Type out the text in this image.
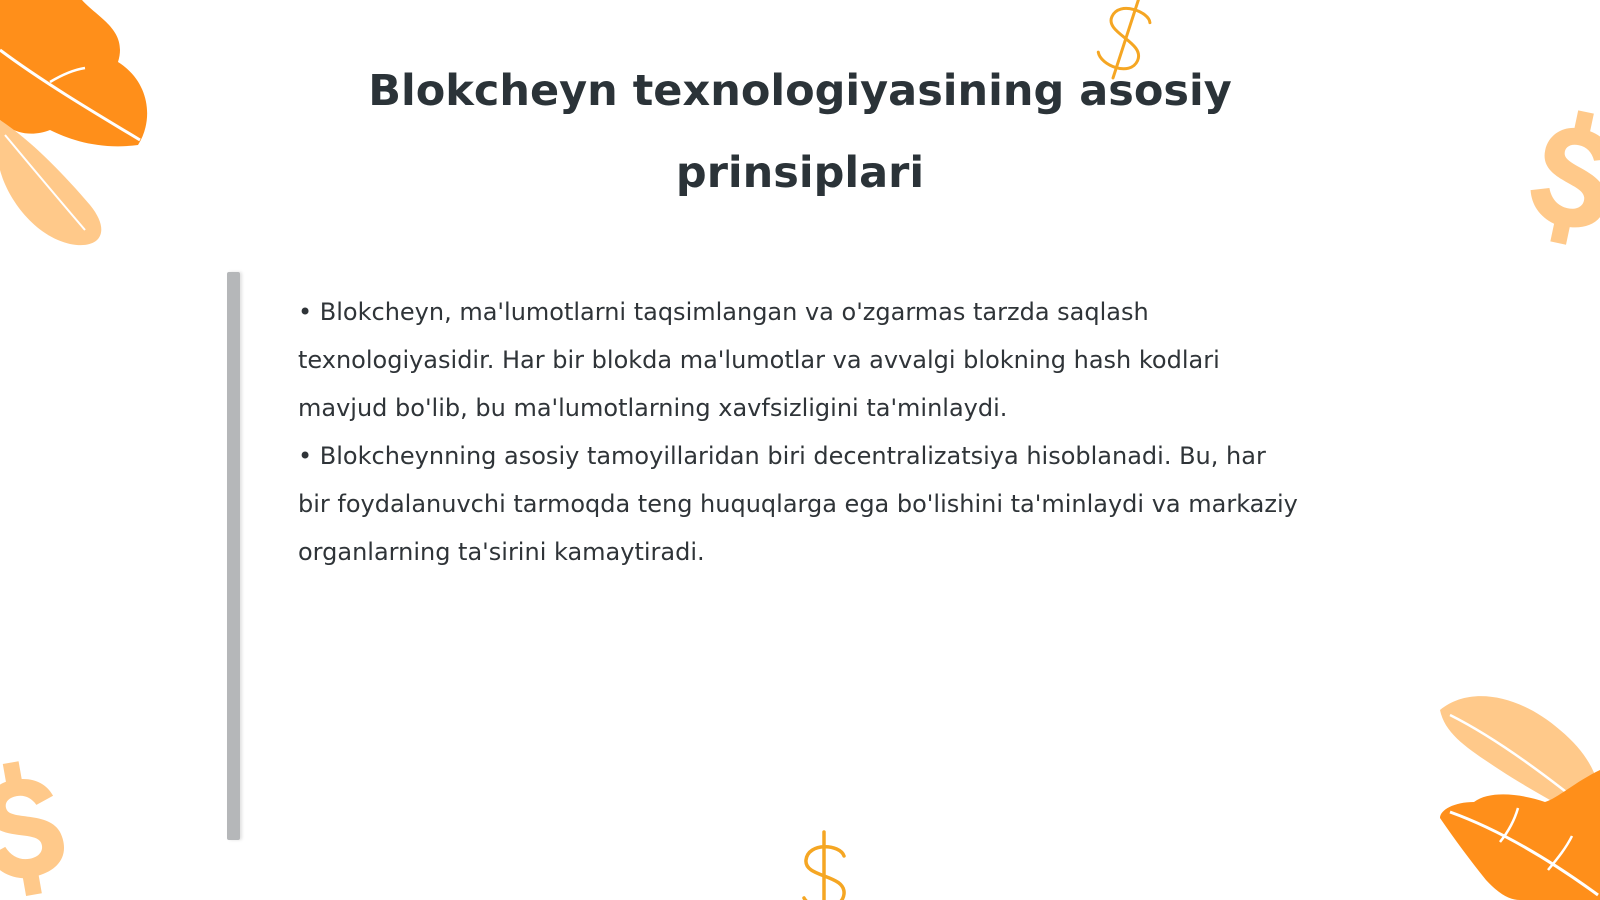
Blokcheyn texnologiyasining asosiy prinsiplari

• Blokcheyn, ma'lumotlarni taqsimlangan va o'zgarmas tarzda saqlash texnologiyasidir. Har bir blokda ma'lumotlar va avvalgi blokning hash kodlari mavjud bo'lib, bu ma'lumotlarning xavfsizligini ta'minlaydi.

• Blokcheynning asosiy tamoyillaridan biri decentralizatsiya hisoblanadi. Bu, har bir foydalanuvchi tarmoqda teng huquqlarga ega bo'lishini ta'minlaydi va markaziy organlarning ta'sirini kamaytiradi.
